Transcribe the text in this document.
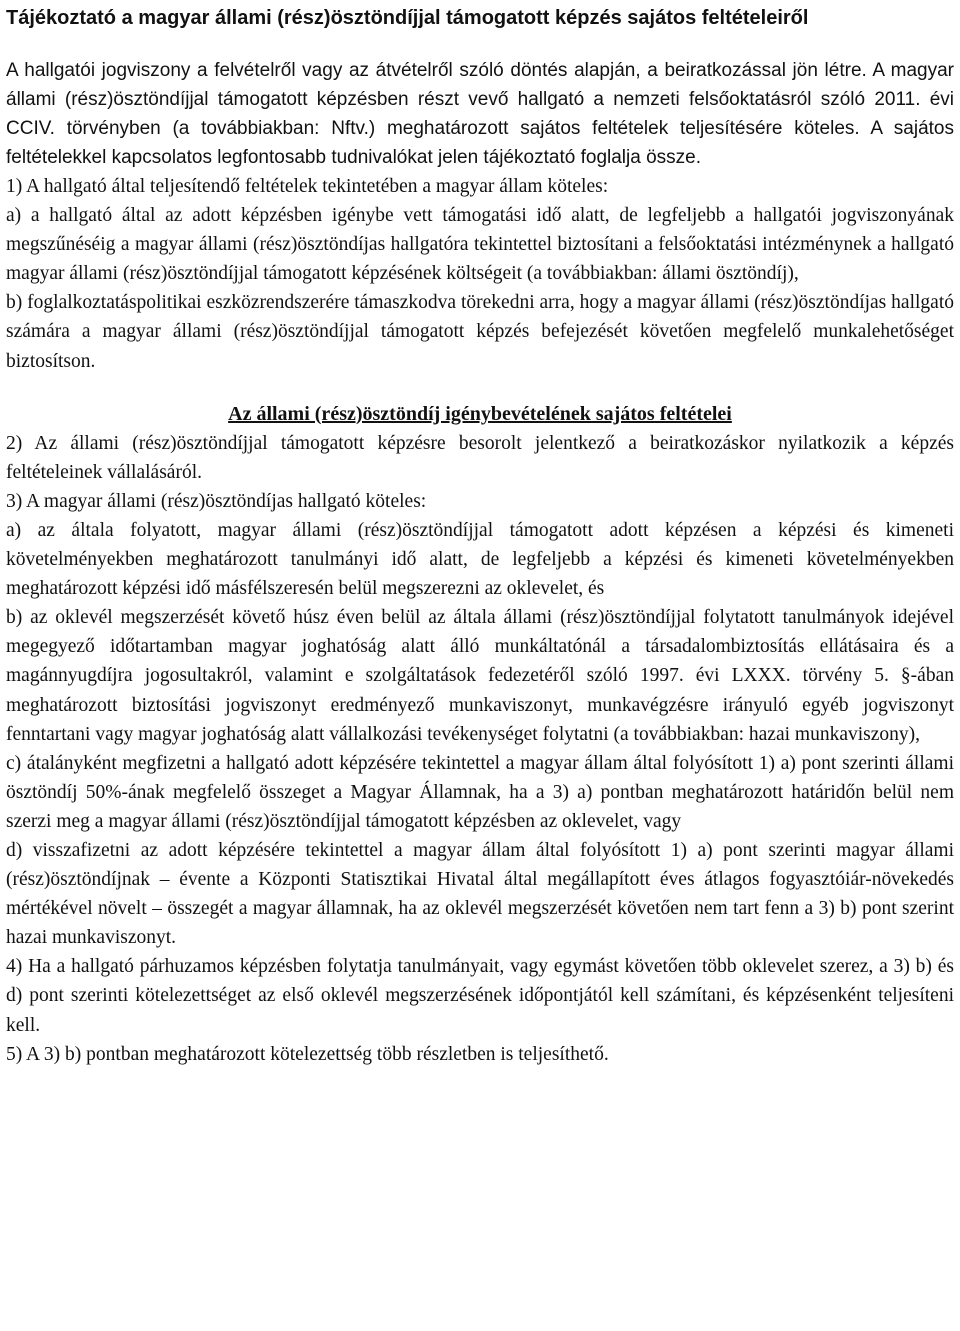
Tájékoztató a magyar állami (rész)ösztöndíjjal támogatott képzés sajátos feltételeiről

A hallgatói jogviszony a felvételről vagy az átvételről szóló döntés alapján, a beiratkozással jön létre. A magyar állami (rész)ösztöndíjjal támogatott képzésben részt vevő hallgató a nemzeti felsőoktatásról szóló 2011. évi CCIV. törvényben (a továbbiakban: Nftv.) meghatározott sajátos feltételek teljesítésére köteles. A sajátos feltételekkel kapcsolatos legfontosabb tudnivalókat jelen tájékoztató foglalja össze.

1) A hallgató által teljesítendő feltételek tekintetében a magyar állam köteles:

a) a hallgató által az adott képzésben igénybe vett támogatási idő alatt, de legfeljebb a hallgatói jogviszonyának megszűnéséig a magyar állami (rész)ösztöndíjas hallgatóra tekintettel biztosítani a felsőoktatási intézménynek a hallgató magyar állami (rész)ösztöndíjjal támogatott képzésének költségeit (a továbbiakban: állami ösztöndíj),

b) foglalkoztatáspolitikai eszközrendszerére támaszkodva törekedni arra, hogy a magyar állami (rész)ösztöndíjas hallgató számára a magyar állami (rész)ösztöndíjjal támogatott képzés befejezését követően megfelelő munkalehetőséget biztosítson.

Az állami (rész)ösztöndíj igénybevételének sajátos feltételei

2) Az állami (rész)ösztöndíjjal támogatott képzésre besorolt jelentkező a beiratkozáskor nyilatkozik a képzés feltételeinek vállalásáról.

3) A magyar állami (rész)ösztöndíjas hallgató köteles:

a) az általa folyatott, magyar állami (rész)ösztöndíjjal támogatott adott képzésen a képzési és kimeneti követelményekben meghatározott tanulmányi idő alatt, de legfeljebb a képzési és kimeneti követelményekben meghatározott képzési idő másfélszeresén belül megszerezni az oklevelet, és

b) az oklevél megszerzését követő húsz éven belül az általa állami (rész)ösztöndíjjal folytatott tanulmányok idejével megegyező időtartamban magyar joghatóság alatt álló munkáltatónál a társadalombiztosítás ellátásaira és a magánnyugdíjra jogosultakról, valamint e szolgáltatások fedezetéről szóló 1997. évi LXXX. törvény 5. §-ában meghatározott biztosítási jogviszonyt eredményező munkaviszonyt, munkavégzésre irányuló egyéb jogviszonyt fenntartani vagy magyar joghatóság alatt vállalkozási tevékenységet folytatni (a továbbiakban: hazai munkaviszony),

c) átalányként megfizetni a hallgató adott képzésére tekintettel a magyar állam által folyósított 1) a) pont szerinti állami ösztöndíj 50%-ának megfelelő összeget a Magyar Államnak, ha a 3) a) pontban meghatározott határidőn belül nem szerzi meg a magyar állami (rész)ösztöndíjjal támogatott képzésben az oklevelet, vagy

d) visszafizetni az adott képzésére tekintettel a magyar állam által folyósított 1) a) pont szerinti magyar állami (rész)ösztöndíjnak – évente a Központi Statisztikai Hivatal által megállapított éves átlagos fogyasztóiár-növekedés mértékével növelt – összegét a magyar államnak, ha az oklevél megszerzését követően nem tart fenn a 3) b) pont szerint hazai munkaviszonyt.

4) Ha a hallgató párhuzamos képzésben folytatja tanulmányait, vagy egymást követően több oklevelet szerez, a 3) b) és d) pont szerinti kötelezettséget az első oklevél megszerzésének időpontjától kell számítani, és képzésenként teljesíteni kell.

5) A 3) b) pontban meghatározott kötelezettség több részletben is teljesíthető.
